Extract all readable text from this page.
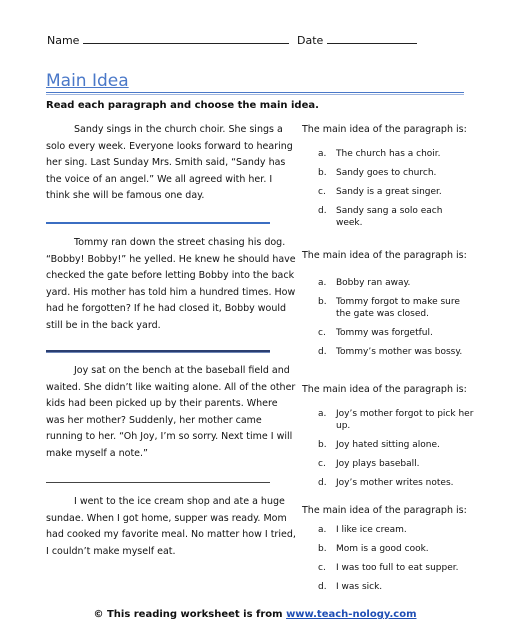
Name	Date
Main Idea
Read each paragraph and choose the main idea.
Sandy sings in the church choir. She sings a solo every week. Everyone looks forward to hearing her sing. Last Sunday Mrs. Smith said, “Sandy has the voice of an angel.” We all agreed with her. I think she will be famous one day.
Tommy ran down the street chasing his dog. “Bobby! Bobby!” he yelled. He knew he should have checked the gate before letting Bobby into the back yard. His mother has told him a hundred times. How had he forgotten? If he had closed it, Bobby would still be in the back yard.
Joy sat on the bench at the baseball field and waited. She didn’t like waiting alone. All of the other kids had been picked up by their parents. Where was her mother? Suddenly, her mother came running to her. “Oh Joy, I’m so sorry. Next time I will make myself a note.”
I went to the ice cream shop and ate a huge sundae. When I got home, supper was ready. Mom had cooked my favorite meal. No matter how I tried, I couldn’t make myself eat.
The main idea of the paragraph is:
a. The church has a choir.
b. Sandy goes to church.
c. Sandy is a great singer.
d. Sandy sang a solo each week.
The main idea of the paragraph is:
a. Bobby ran away.
b. Tommy forgot to make sure the gate was closed.
c. Tommy was forgetful.
d. Tommy’s mother was bossy.
The main idea of the paragraph is:
a. Joy’s mother forgot to pick her up.
b. Joy hated sitting alone.
c. Joy plays baseball.
d. Joy’s mother writes notes.
The main idea of the paragraph is:
a. I like ice cream.
b. Mom is a good cook.
c. I was too full to eat supper.
d. I was sick.
© This reading worksheet is from www.teach-nology.com
